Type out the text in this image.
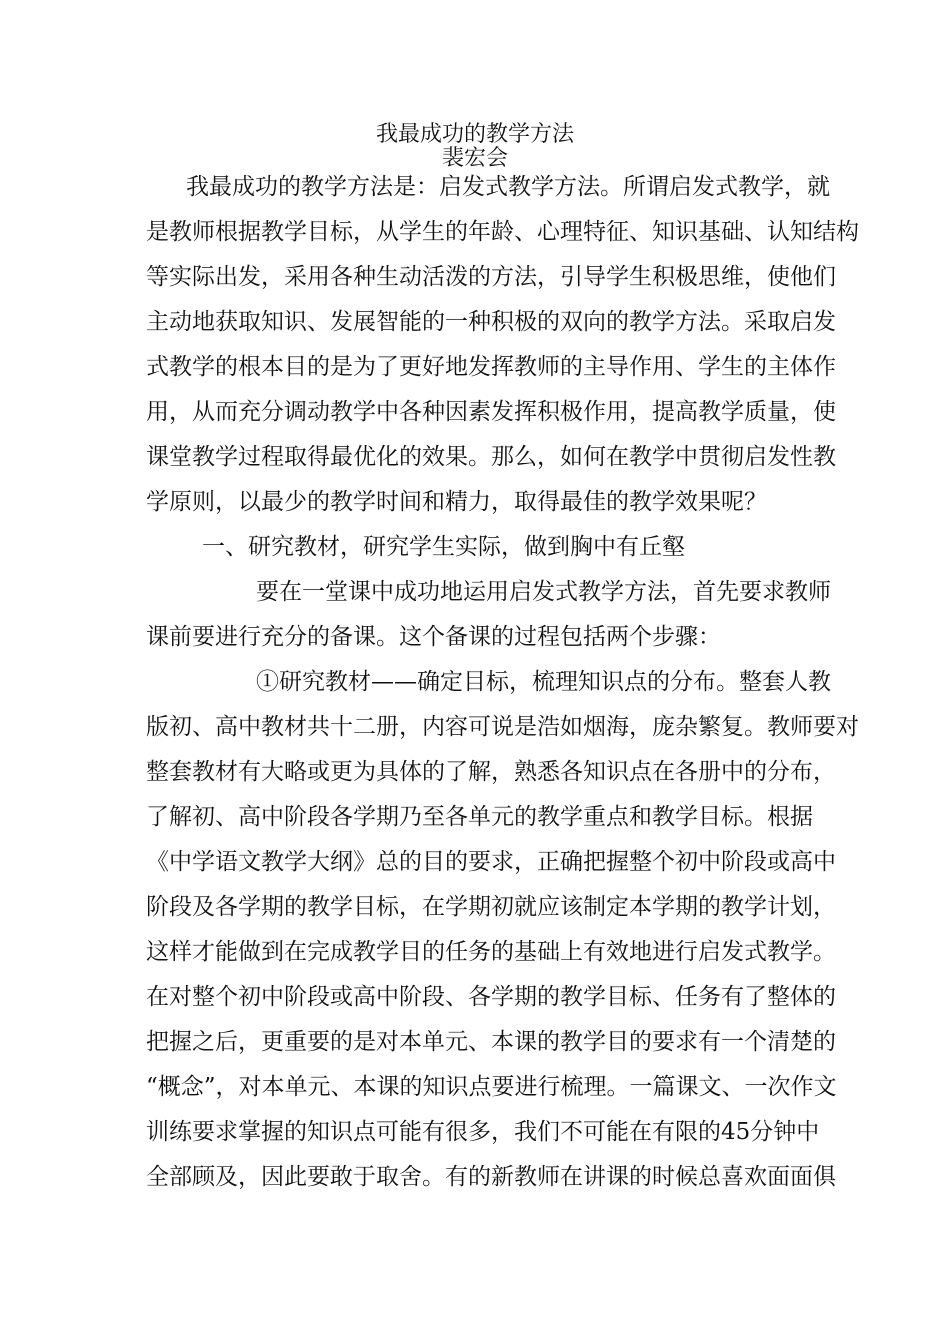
我最成功的教学方法
裴宏会
我最成功的教学方法是：启发式教学方法。所谓启发式教学，就
是教师根据教学目标，从学生的年龄、心理特征、知识基础、认知结构
等实际出发，采用各种生动活泼的方法，引导学生积极思维，使他们
主动地获取知识、发展智能的一种积极的双向的教学方法。采取启发
式教学的根本目的是为了更好地发挥教师的主导作用、学生的主体作
用，从而充分调动教学中各种因素发挥积极作用，提高教学质量，使
课堂教学过程取得最优化的效果。那么，如何在教学中贯彻启发性教
学原则，以最少的教学时间和精力，取得最佳的教学效果呢？
一、研究教材，研究学生实际，做到胸中有丘壑
要在一堂课中成功地运用启发式教学方法，首先要求教师
课前要进行充分的备课。这个备课的过程包括两个步骤：
①研究教材——确定目标，梳理知识点的分布。整套人教
版初、高中教材共十二册，内容可说是浩如烟海，庞杂繁复。教师要对
整套教材有大略或更为具体的了解，熟悉各知识点在各册中的分布，
了解初、高中阶段各学期乃至各单元的教学重点和教学目标。根据
《中学语文教学大纲》总的目的要求，正确把握整个初中阶段或高中
阶段及各学期的教学目标，在学期初就应该制定本学期的教学计划，
这样才能做到在完成教学目的任务的基础上有效地进行启发式教学。
在对整个初中阶段或高中阶段、各学期的教学目标、任务有了整体的
把握之后，更重要的是对本单元、本课的教学目的要求有一个清楚的
“概念”，对本单元、本课的知识点要进行梳理。一篇课文、一次作文
训练要求掌握的知识点可能有很多，我们不可能在有限的45分钟中
全部顾及，因此要敢于取舍。有的新教师在讲课的时候总喜欢面面俱
